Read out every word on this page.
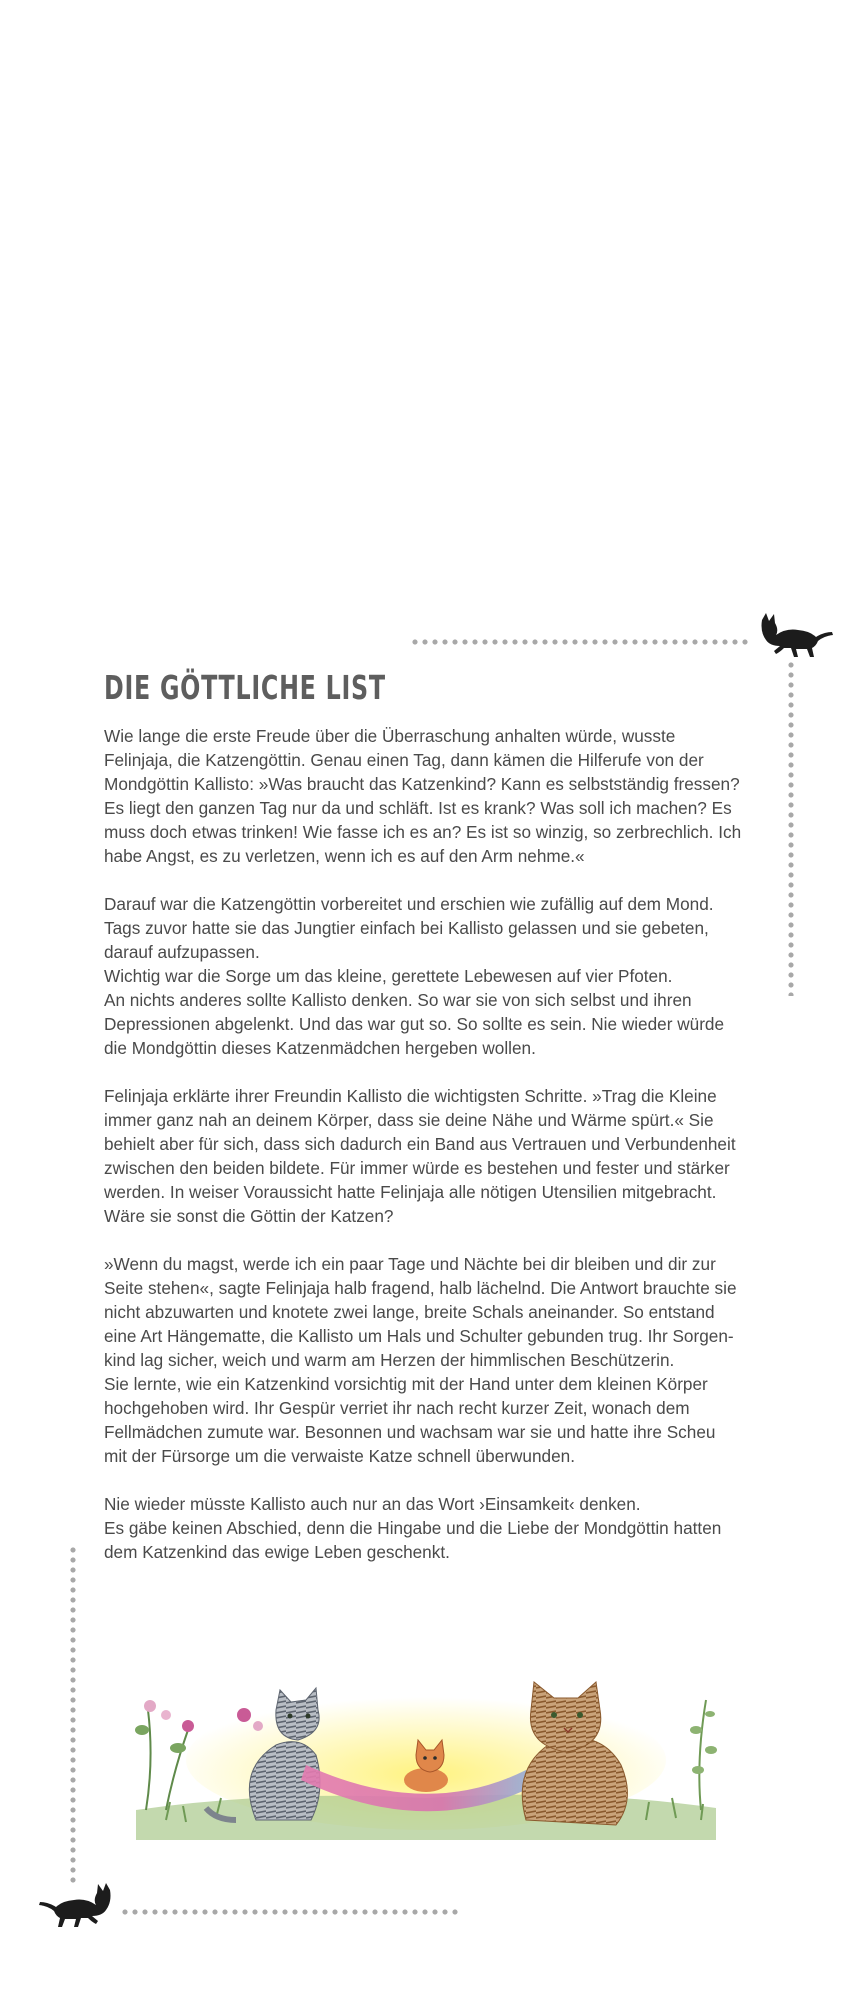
DIE GÖTTLICHE LIST

Wie lange die erste Freude über die Überraschung anhalten würde, wusste
Felinjaja, die Katzengöttin. Genau einen Tag, dann kämen die Hilferufe von der
Mondgöttin Kallisto: »Was braucht das Katzenkind? Kann es selbstständig fressen?
Es liegt den ganzen Tag nur da und schläft. Ist es krank? Was soll ich machen? Es
muss doch etwas trinken! Wie fasse ich es an? Es ist so winzig, so zerbrechlich. Ich
habe Angst, es zu verletzen, wenn ich es auf den Arm nehme.«

Darauf war die Katzengöttin vorbereitet und erschien wie zufällig auf dem Mond.
Tags zuvor hatte sie das Jungtier einfach bei Kallisto gelassen und sie gebeten,
darauf aufzupassen.
Wichtig war die Sorge um das kleine, gerettete Lebewesen auf vier Pfoten.
An nichts anderes sollte Kallisto denken. So war sie von sich selbst und ihren
Depressionen abgelenkt. Und das war gut so. So sollte es sein. Nie wieder würde
die Mondgöttin dieses Katzenmädchen hergeben wollen.

Felinjaja erklärte ihrer Freundin Kallisto die wichtigsten Schritte. »Trag die Kleine
immer ganz nah an deinem Körper, dass sie deine Nähe und Wärme spürt.« Sie
behielt aber für sich, dass sich dadurch ein Band aus Vertrauen und Verbundenheit
zwischen den beiden bildete. Für immer würde es bestehen und fester und stärker
werden. In weiser Voraussicht hatte Felinjaja alle nötigen Utensilien mitgebracht.
Wäre sie sonst die Göttin der Katzen?

»Wenn du magst, werde ich ein paar Tage und Nächte bei dir bleiben und dir zur
Seite stehen«, sagte Felinjaja halb fragend, halb lächelnd. Die Antwort brauchte sie
nicht abzuwarten und knotete zwei lange, breite Schals aneinander. So entstand
eine Art Hängematte, die Kallisto um Hals und Schulter gebunden trug. Ihr Sorgen-
kind lag sicher, weich und warm am Herzen der himmlischen Beschützerin.
Sie lernte, wie ein Katzenkind vorsichtig mit der Hand unter dem kleinen Körper
hochgehoben wird. Ihr Gespür verriet ihr nach recht kurzer Zeit, wonach dem
Fellmädchen zumute war. Besonnen und wachsam war sie und hatte ihre Scheu
mit der Fürsorge um die verwaiste Katze schnell überwunden.

Nie wieder müsste Kallisto auch nur an das Wort ›Einsamkeit‹ denken.
Es gäbe keinen Abschied, denn die Hingabe und die Liebe der Mondgöttin hatten
dem Katzenkind das ewige Leben geschenkt.
